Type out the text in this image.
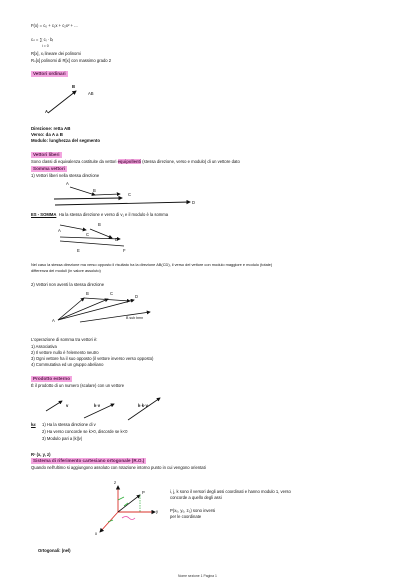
F(x) = c₀ + c₁x + c₂x² + ...
cₙ = ∑ cᵢ · bᵢ
i = 0
R[x], xᵢ lineare dei polinomi
Rₙ[x] polinomi di R[x] con massimo grado 2
Vettori ordinari
A
B
AB
Direzione: retta AB
Verso: da A a B
Modulo: lunghezza del segmento
Vettori liberi
Sono classi di equivalenza costituite da vettori equipollenti (stessa direzione, verso e modulo) di un vettore dato
Somma vettori
1) Vettori liberi nella stessa direzione
A
B
C
D
ES - SOMMA Ha la stessa direzione e verso di v₁ e il modulo è la somma
A
B
C
D
E	F
Nel caso la stessa direzione ma verso opposto il risultato ha la direzione AB(CD), il verso del vettore con modulo maggiore e modulo (totale)
differenza dei moduli (in valore assoluto)
2) Vettori non aventi la stessa direzione
A
B	C
D
B sub bmn
L'operazione di somma tra vettori è:
1) Associativa
2) Il vettore nullo è l'elemento neutro
3) Ogni vettore ha il suo opposto (il vettore inverso verso opposto)
4) Commutativa ed un gruppo abeliano
Prodotto esterno
È il prodotto di un numero (scalare) con un vettore
v	k·v	k·k·v
k≠ 1) Ha la stessa direzione di v
2) Ha verso concorde se k>0, discorde se k<0
3) Modulo pari a |k||v|
R³ (x, y, z)
Sistema di riferimento cartesiano ortogonale (R.O.)
Quando nell'ultimo si aggiungono assoluto con rotazione intorno punto in cui vengono orientati
z
y
x
P	i, j, k sono il versori degli assi coordinati e hanno modulo 1, verso
concorde a quello degli assi
P(x₀, y₀, z₀) sono inversi
per le coordinate
Ortogonali: (nel)
Nome sezione 1 Pagina 1
